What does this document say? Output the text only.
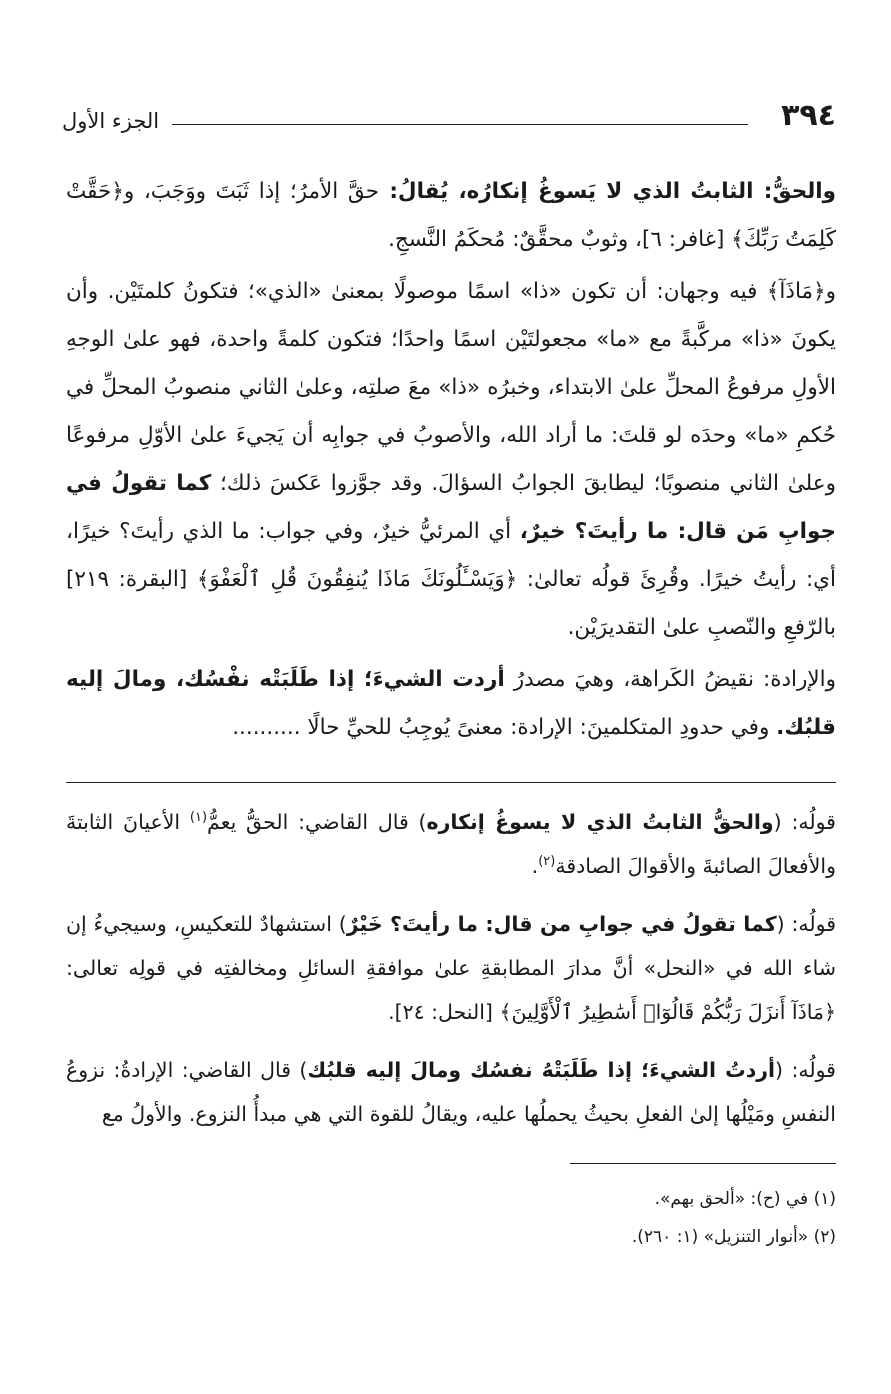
٣٩٤
الجزء الأول

والحقُّ: الثابتُ الذي لا يَسوغُ إنكارُه، يُقالُ: حقَّ الأمرُ؛ إذا ثَبَتَ ووَجَبَ، و﴿حَقَّتْ كَلِمَتُ رَبِّكَ﴾ [غافر: ٦]، وثوبٌ محقَّقٌ: مُحكَمُ النَّسجِ.

و﴿مَاذَآ﴾ فيه وجهان: أن تكون «ذا» اسمًا موصولًا بمعنىٰ «الذي»؛ فتكونُ كلمتَيْن. وأن يكونَ «ذا» مركَّبةً مع «ما» مجعولتَيْن اسمًا واحدًا؛ فتكون كلمةً واحدة، فهو علىٰ الوجهِ الأولِ مرفوعُ المحلِّ علىٰ الابتداء، وخبرُه «ذا» معَ صلتِه، وعلىٰ الثاني منصوبُ المحلِّ في حُكمِ «ما» وحدَه لو قلتَ: ما أراد الله، والأصوبُ في جوابِه أن يَجيءَ علىٰ الأوّلِ مرفوعًا وعلىٰ الثاني منصوبًا؛ ليطابقَ الجوابُ السؤالَ. وقد جوَّزوا عَكسَ ذلك؛ كما تقولُ في جوابِ مَن قال: ما رأيتَ؟ خيرٌ، أي المرئيُّ خيرٌ، وفي جواب: ما الذي رأيتَ؟ خيرًا، أي: رأيتُ خيرًا. وقُرِئَ قولُه تعالىٰ: ﴿وَيَسْـَٔلُونَكَ مَاذَا يُنفِقُونَ قُلِ ٱلْعَفْوَ﴾ [البقرة: ٢١٩] بالرّفعِ والنّصبِ علىٰ التقديرَيْن.

والإرادة: نقيضُ الكَراهة، وهيَ مصدرُ أردت الشيءَ؛ إذا طَلَبَتْه نفْسُك، ومالَ إليه قلبُك. وفي حدودِ المتكلمينَ: الإرادة: معنىً يُوجِبُ للحيِّ حالًا ..........

قولُه: (والحقُّ الثابتُ الذي لا يسوغُ إنكاره) قال القاضي: الحقُّ يعمُّ$^{(١)}$ الأعيانَ الثابتةَ والأفعالَ الصائبةَ والأقوالَ الصادقة$^{(٢)}$.

قولُه: (كما تقولُ في جوابِ من قال: ما رأيتَ؟ خَيْرٌ) استشهادٌ للتعكيسِ، وسيجيءُ إن شاء الله في «النحل» أنَّ مدارَ المطابقةِ علىٰ موافقةِ السائلِ ومخالفتِه في قولِه تعالى: ﴿مَاذَآ أَنزَلَ رَبُّكُمْ قَالُوٓا۟ أَسَٰطِيرُ ٱلْأَوَّلِينَ﴾ [النحل: ٢٤].

قولُه: (أردتُ الشيءَ؛ إذا طَلَبَتْهُ نفسُك ومالَ إليه قلبُك) قال القاضي: الإرادةُ: نزوعُ النفسِ ومَيْلُها إلىٰ الفعلِ بحيثُ يحملُها عليه، ويقالُ للقوة التي هي مبدأُ النزوع. والأولُ مع

(١) في (ح): «ألحق بهم».
(٢) «أنوار التنزيل» (١: ٢٦٠).
